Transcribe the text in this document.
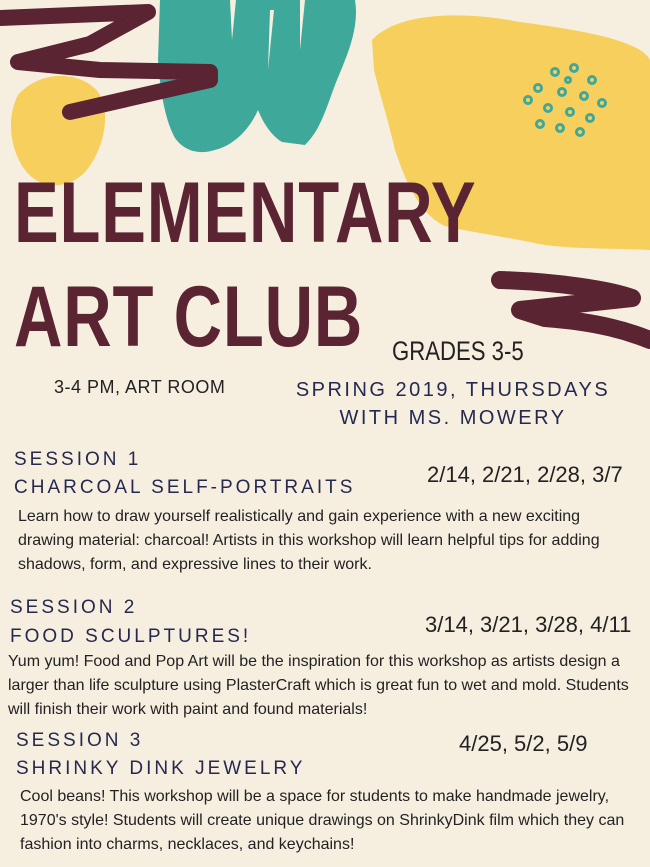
ELEMENTARY
ART CLUB GRADES 3-5
3-4 PM, ART ROOM	SPRING 2019, THURSDAYS
WITH MS. MOWERY
SESSION 1
CHARCOAL SELF-PORTRAITS
2/14, 2/21, 2/28, 3/7
Learn how to draw yourself realistically and gain experience with a new exciting drawing material: charcoal! Artists in this workshop will learn helpful tips for adding shadows, form, and expressive lines to their work.
SESSION 2
FOOD SCULPTURES!	3/14, 3/21, 3/28, 4/11
Yum yum! Food and Pop Art will be the inspiration for this workshop as artists design a larger than life sculpture using PlasterCraft which is great fun to wet and mold. Students will finish their work with paint and found materials!
SESSION 3
SHRINKY DINK JEWELRY
4/25, 5/2, 5/9
Cool beans! This workshop will be a space for students to make handmade jewelry, 1970's style! Students will create unique drawings on ShrinkyDink film which they can fashion into charms, necklaces, and keychains!
